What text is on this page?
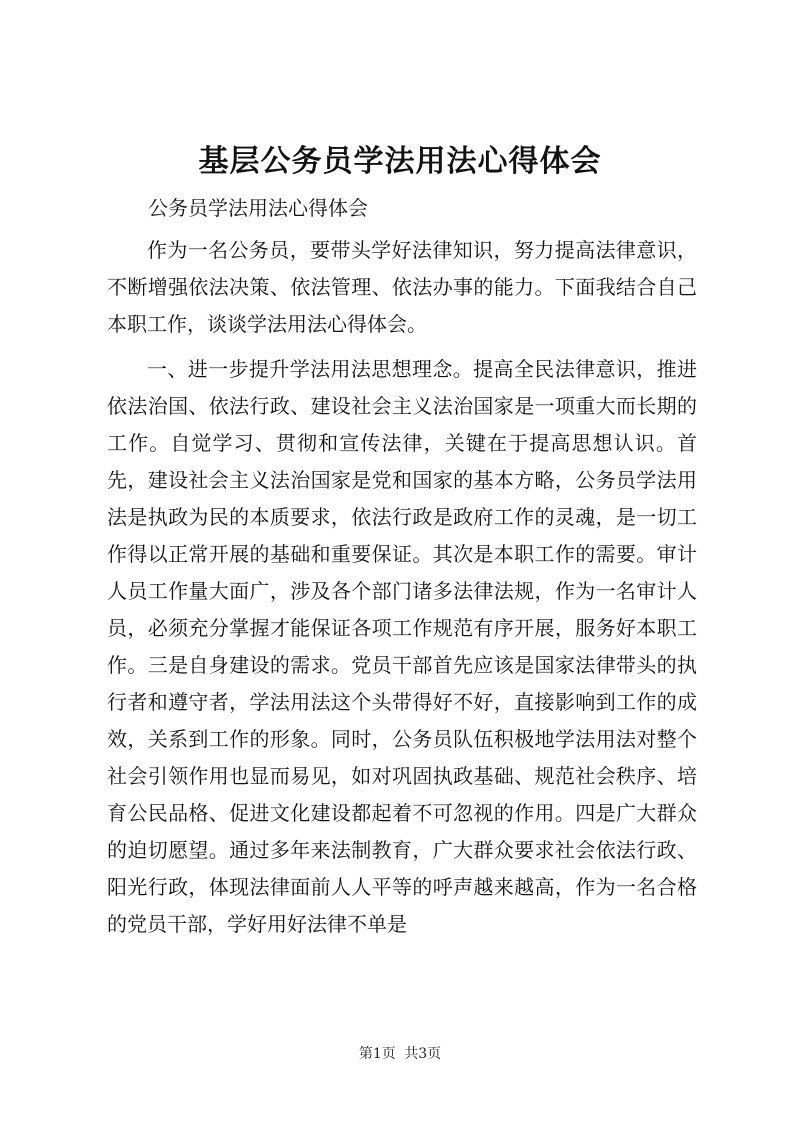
基层公务员学法用法心得体会

公务员学法用法心得体会

作为一名公务员，要带头学好法律知识，努力提高法律意识，不断增强依法决策、依法管理、依法办事的能力。下面我结合自己本职工作，谈谈学法用法心得体会。

一、进一步提升学法用法思想理念。提高全民法律意识，推进依法治国、依法行政、建设社会主义法治国家是一项重大而长期的工作。自觉学习、贯彻和宣传法律，关键在于提高思想认识。首先，建设社会主义法治国家是党和国家的基本方略，公务员学法用法是执政为民的本质要求，依法行政是政府工作的灵魂，是一切工作得以正常开展的基础和重要保证。其次是本职工作的需要。审计人员工作量大面广，涉及各个部门诸多法律法规，作为一名审计人员，必须充分掌握才能保证各项工作规范有序开展，服务好本职工作。三是自身建设的需求。党员干部首先应该是国家法律带头的执行者和遵守者，学法用法这个头带得好不好，直接影响到工作的成效，关系到工作的形象。同时，公务员队伍积极地学法用法对整个社会引领作用也显而易见，如对巩固执政基础、规范社会秩序、培育公民品格、促进文化建设都起着不可忽视的作用。四是广大群众的迫切愿望。通过多年来法制教育，广大群众要求社会依法行政、阳光行政，体现法律面前人人平等的呼声越来越高，作为一名合格的党员干部，学好用好法律不单是

第1页 共3页
